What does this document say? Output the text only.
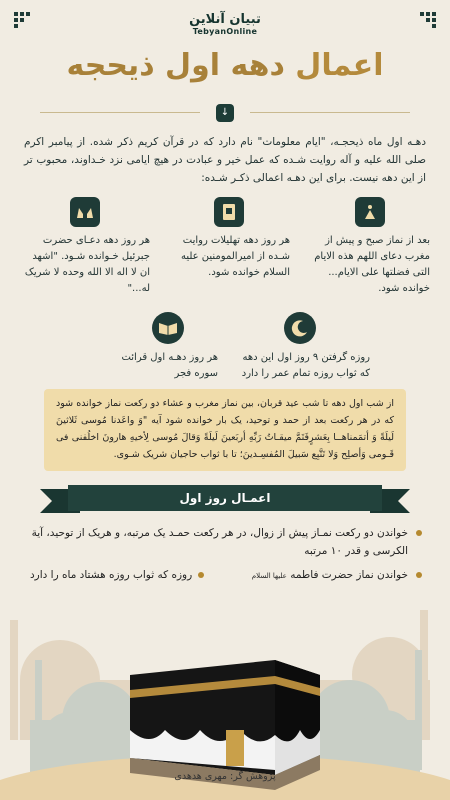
تبیان آنلاین
TebyanOnline
اعمال دهه اول ذیحجه
↓
دهـه اول ماه ذیحجـه، "ایام معلومات" نام دارد که در قرآن کریم ذکر شده. از پیامبر اکرم صلی الله علیه و آله روایت شـده که عمل خیر و عبادت در هیچ ایامی نزد خـداوند، محبوب تر از این دهه نیست. برای این دهـه اعمالی ذکـر شـده:
بعد از نماز صبح و پیش از مغرب دعای اللهم هذه الایام التی فضلتها علی الایام... خوانده شود.
هر روز دهه تهلیلات روایت شـده از امیرالمومنین علیه السلام خوانده شود.
هر روز دهه دعـای حضرت جبرئیل خـوانده شـود. "اشهد ان لا اله الا الله وحده لا شریک له..."
روزه گرفتن ۹ روز اول این دهه که ثواب روزه تمام عمر را دارد
هر روز دهـه اول قرائت سوره فجر
از شب اول دهه تا شب عید قربان، بین نماز مغرب و عشاء دو رکعت نماز خوانده شود که در هر رکعت بعد از حمد و توحید، یک بار خوانده شود آیه "وَ واعَدنا مُوسی ثَلاثینَ لَیلَةً وَ أتمَمناهــا بِعَشرٍفَتَمَّ میقـاتُ رَبِّهِ أربَعینَ لَیلَةً وَقالَ مُوسی لِأخیهِ هارونَ اخلُفنی فی قَـومی وَأصلِح وَلا تَتَّبِع سَبیلَ المُفسِـدینَ؛ تا با ثواب حاجیان شریک شـوی.
اعمـال روز اول
خواندن دو رکعت نمـاز پیش از زوال، در هر رکعت حمـد یک مرتبه، و هریک از توحید، آیة الکرسی و قدر ۱۰ مرتبه
خواندن نماز حضرت فاطمه علیها السلام
روزه که ثواب روزه هشتاد ماه را دارد
پژوهش گر: مهری هدهدی
